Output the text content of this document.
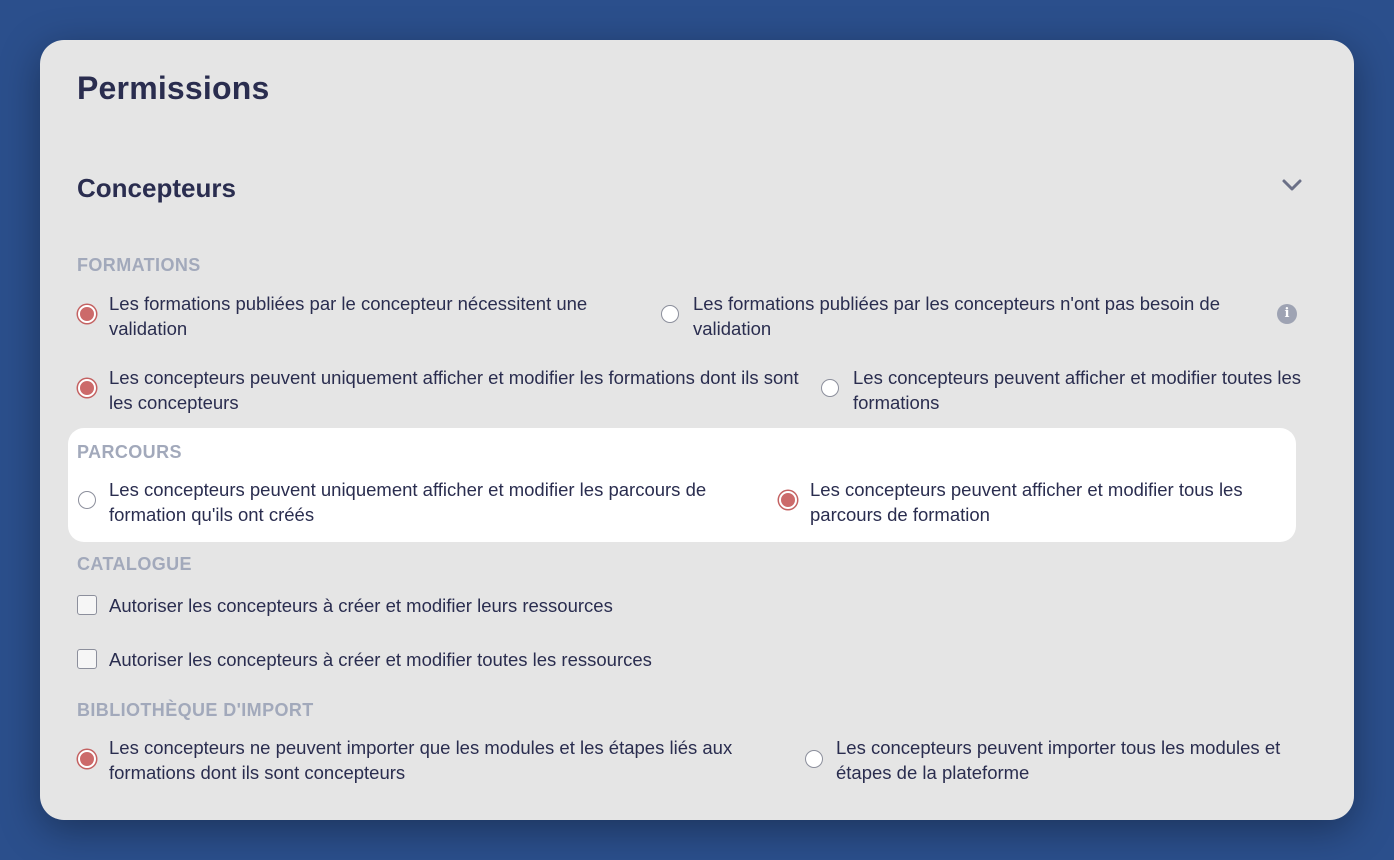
Permissions
Concepteurs
FORMATIONS
Les formations publiées par le concepteur nécessitent une validation
Les formations publiées par les concepteurs n'ont pas besoin de validation
i
Les concepteurs peuvent uniquement afficher et modifier les formations dont ils sont les concepteurs
Les concepteurs peuvent afficher et modifier toutes les formations
PARCOURS
Les concepteurs peuvent uniquement afficher et modifier les parcours de formation qu'ils ont créés
Les concepteurs peuvent afficher et modifier tous les parcours de formation
CATALOGUE
Autoriser les concepteurs à créer et modifier leurs ressources
Autoriser les concepteurs à créer et modifier toutes les ressources
BIBLIOTHÈQUE D'IMPORT
Les concepteurs ne peuvent importer que les modules et les étapes liés aux formations dont ils sont concepteurs
Les concepteurs peuvent importer tous les modules et étapes de la plateforme
